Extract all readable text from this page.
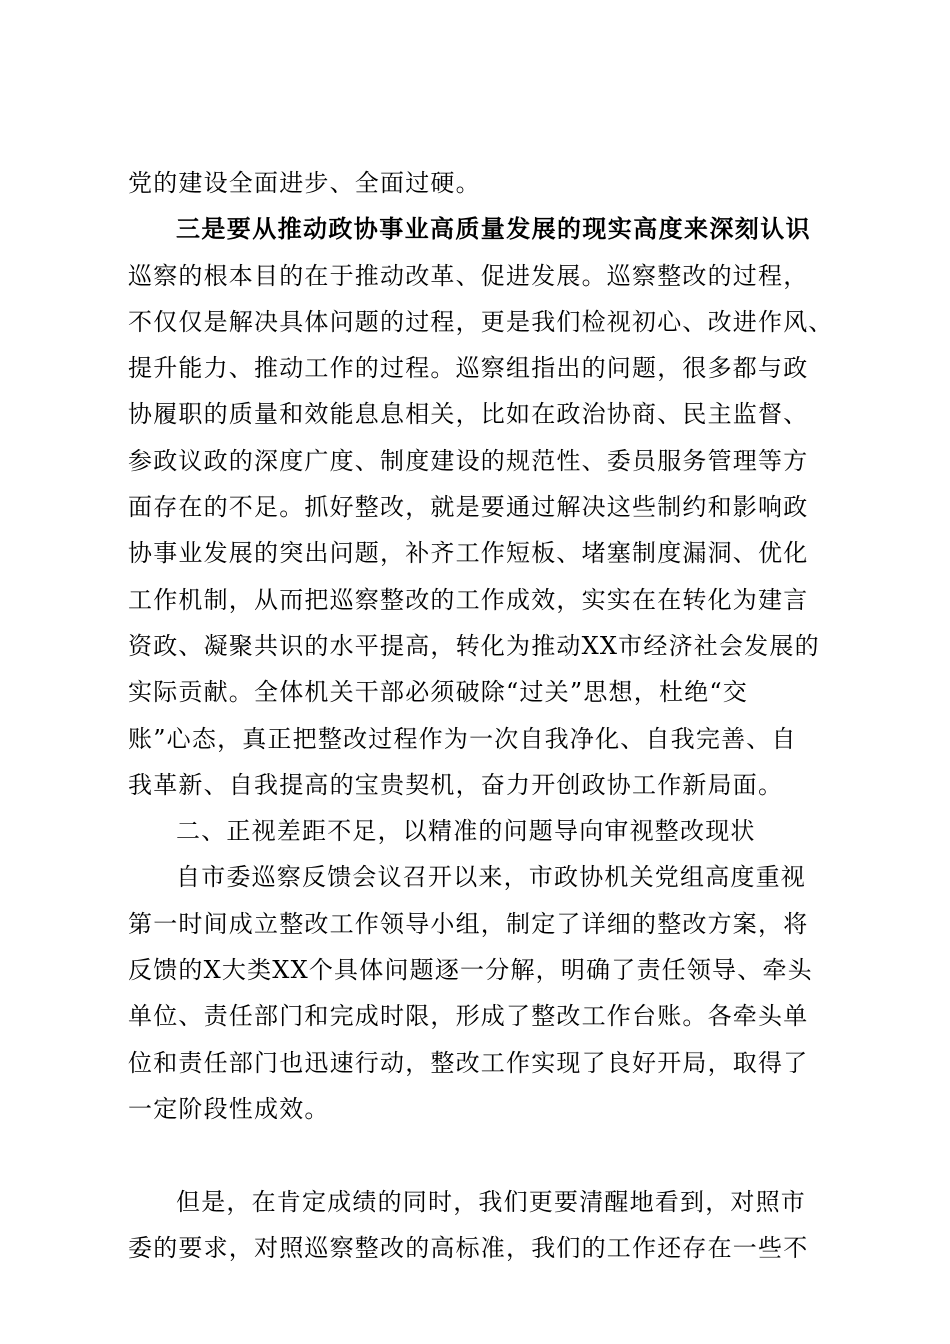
党的建设全面进步、全面过硬。
三是要从推动政协事业高质量发展的现实高度来深刻认识
巡察的根本目的在于推动改革、促进发展。巡察整改的过程，
不仅仅是解决具体问题的过程，更是我们检视初心、改进作风、
提升能力、推动工作的过程。巡察组指出的问题，很多都与政
协履职的质量和效能息息相关，比如在政治协商、民主监督、
参政议政的深度广度、制度建设的规范性、委员服务管理等方
面存在的不足。抓好整改，就是要通过解决这些制约和影响政
协事业发展的突出问题，补齐工作短板、堵塞制度漏洞、优化
工作机制，从而把巡察整改的工作成效，实实在在转化为建言
资政、凝聚共识的水平提高，转化为推动XX市经济社会发展的
实际贡献。全体机关干部必须破除“过关”思想，杜绝“交
账”心态，真正把整改过程作为一次自我净化、自我完善、自
我革新、自我提高的宝贵契机，奋力开创政协工作新局面。
二、正视差距不足，以精准的问题导向审视整改现状
自市委巡察反馈会议召开以来，市政协机关党组高度重视
第一时间成立整改工作领导小组，制定了详细的整改方案，将
反馈的X大类XX个具体问题逐一分解，明确了责任领导、牵头
单位、责任部门和完成时限，形成了整改工作台账。各牵头单
位和责任部门也迅速行动，整改工作实现了良好开局，取得了
一定阶段性成效。
但是，在肯定成绩的同时，我们更要清醒地看到，对照市
委的要求，对照巡察整改的高标准，我们的工作还存在一些不
